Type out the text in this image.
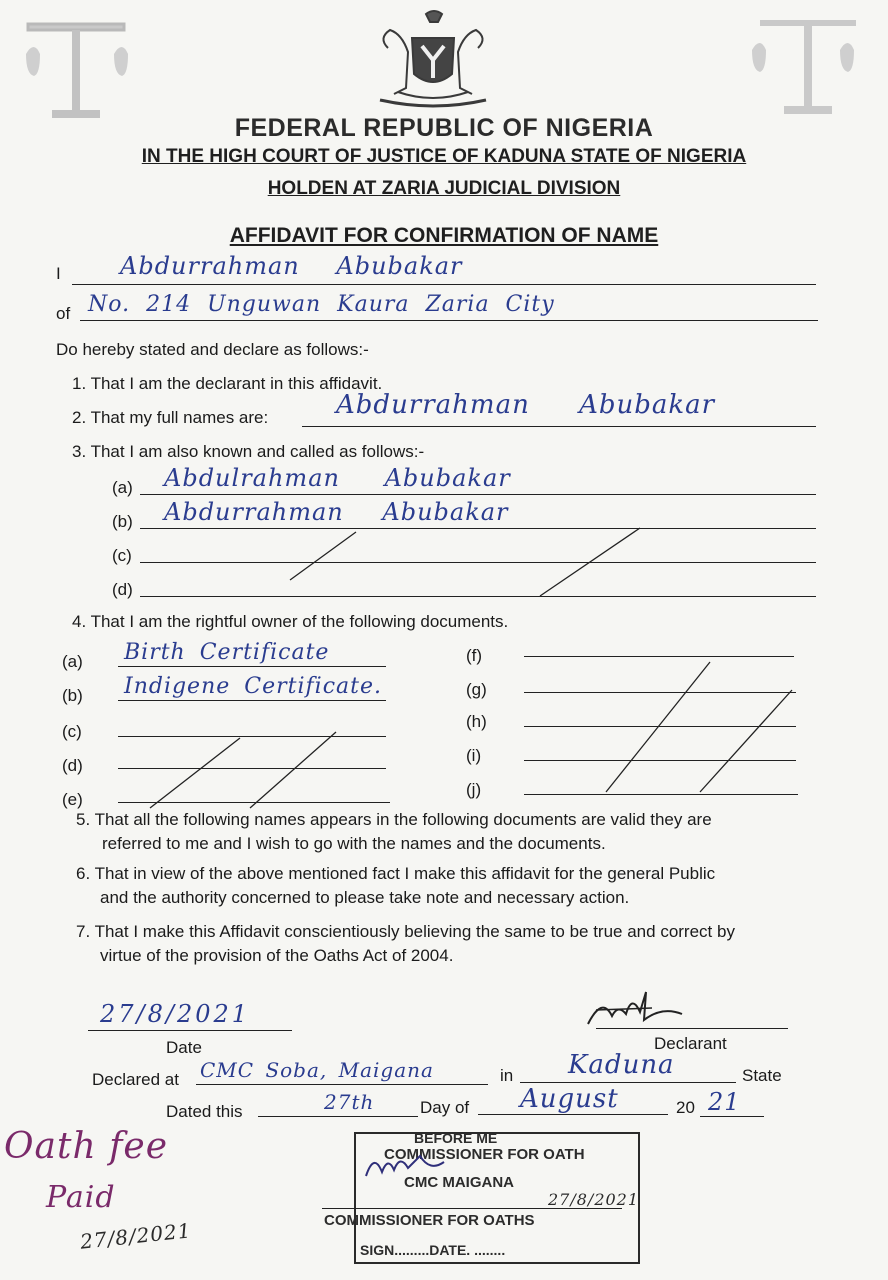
FEDERAL REPUBLIC OF NIGERIA
IN THE HIGH COURT OF JUSTICE OF KADUNA STATE OF NIGERIA
HOLDEN AT ZARIA JUDICIAL DIVISION
AFFIDAVIT FOR CONFIRMATION OF NAME
I Abdurrahman Abubakar
of No. 214 Unguwan Kaura Zaria City
Do hereby stated and declare as follows:-
1. That I am the declarant in this affidavit.
2. That my full names are:	Abdurrahman Abubakar
3. That I am also known and called as follows:-
(a) Abdulrahman Abubakar
(b) Abdurrahman Abubakar
(c)
(d)
4. That I am the rightful owner of the following documents.
(a) Birth Certificate
(b) Indigene Certificate.
(c)
(d)
(e)
(f)
(g)
(h)
(i)
(j)
5. That all the following names appears in the following documents are valid they are
referred to me and I wish to go with the names and the documents.
6. That in view of the above mentioned fact I make this affidavit for the general Public
and the authority concerned to please take note and necessary action.
7. That I make this Affidavit conscientiously believing the same to be true and correct by
virtue of the provision of the Oaths Act of 2004.
27/8/2021
Date	Declarant
Declared at CMC Soba, Maigana	in Kaduna	State
Dated this	27th	Day of August	20 21
Oath fee
Paid
27/8/2021
BEFORE ME
COMMISSIONER FOR OATH
CMC MAIGANA
27/8/2021
COMMISSIONER FOR OATHS
SIGN.........DATE. ........
